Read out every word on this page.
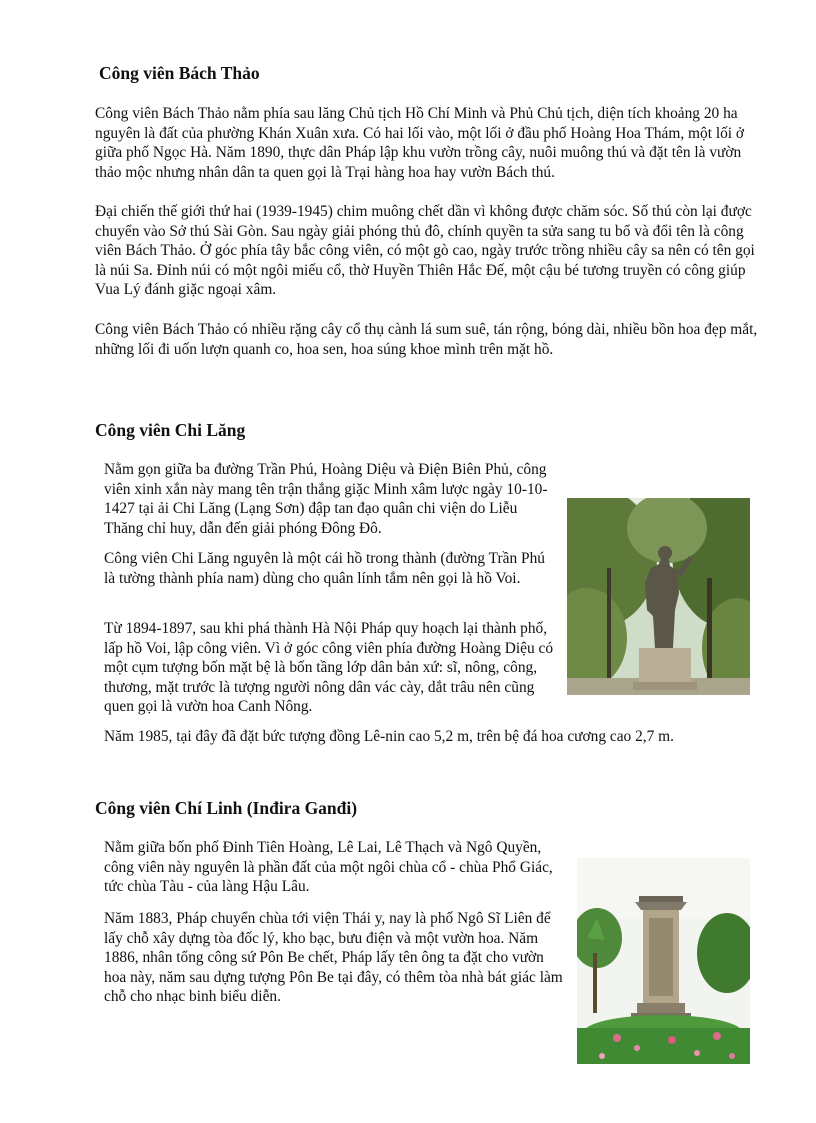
Công viên Bách Thảo

Công viên Bách Thảo nằm phía sau lăng Chủ tịch Hồ Chí Minh và Phủ Chủ tịch, diện tích khoảng 20 ha nguyên là đất của phường Khán Xuân xưa. Có hai lối vào, một lối ở đầu phố Hoàng Hoa Thám, một lối ở giữa phố Ngọc Hà. Năm 1890, thực dân Pháp lập khu vườn trồng cây, nuôi muông thú và đặt tên là vườn thảo mộc nhưng nhân dân ta quen gọi là Trại hàng hoa hay vườn Bách thú.

Đại chiến thế giới thứ hai (1939-1945) chim muông chết dần vì không được chăm sóc. Số thú còn lại được chuyển vào Sở thú Sài Gòn. Sau ngày giải phóng thủ đô, chính quyền ta sửa sang tu bổ và đổi tên là công viên Bách Thảo. Ở góc phía tây bắc công viên, có một gò cao, ngày trước trồng nhiều cây sa nên có tên gọi là núi Sa. Đỉnh núi có một ngôi miếu cổ, thờ Huyền Thiên Hắc Đế, một cậu bé tương truyền có công giúp Vua Lý đánh giặc ngoại xâm.

Công viên Bách Thảo có nhiều rặng cây cổ thụ cành lá sum suê, tán rộng, bóng dài, nhiều bồn hoa đẹp mắt, những lối đi uốn lượn quanh co, hoa sen, hoa súng khoe mình trên mặt hồ.

Công viên Chi Lăng

Nằm gọn giữa ba đường Trần Phú, Hoàng Diệu và Điện Biên Phủ, công viên xinh xắn này mang tên trận thắng giặc Minh xâm lược ngày 10-10-1427 tại ải Chi Lăng (Lạng Sơn) đập tan đạo quân chi viện do Liễu Thăng chỉ huy, dẫn đến giải phóng Đông Đô.

Công viên Chi Lăng nguyên là một cái hồ trong thành (đường Trần Phú là tường thành phía nam) dùng cho quân lính tắm nên gọi là hồ Voi.

Từ 1894-1897, sau khi phá thành Hà Nội Pháp quy hoạch lại thành phố, lấp hồ Voi, lập công viên. Vì ở góc công viên phía đường Hoàng Diệu có một cụm tượng bốn mặt bệ là bốn tầng lớp dân bản xứ: sĩ, nông, công, thương, mặt trước là tượng người nông dân vác cày, dắt trâu nên cũng quen gọi là vườn hoa Canh Nông.

Năm 1985, tại đây đã đặt bức tượng đồng Lê-nin cao 5,2 m, trên bệ đá hoa cương cao 2,7 m.

Công viên Chí Linh (Inđira Ganđi)

Nằm giữa bốn phố Đinh Tiên Hoàng, Lê Lai, Lê Thạch và Ngô Quyền, công viên này nguyên là phần đất của một ngôi chùa cổ - chùa Phổ Giác, tức chùa Tàu - của làng Hậu Lâu.

Năm 1883, Pháp chuyển chùa tới viện Thái y, nay là phố Ngô Sĩ Liên để lấy chỗ xây dựng tòa đốc lý, kho bạc, bưu điện và một vườn hoa. Năm 1886, nhân tổng công sứ Pôn Be chết, Pháp lấy tên ông ta đặt cho vườn hoa này, năm sau dựng tượng Pôn Be tại đây, có thêm tòa nhà bát giác làm chỗ cho nhạc binh biểu diễn.
